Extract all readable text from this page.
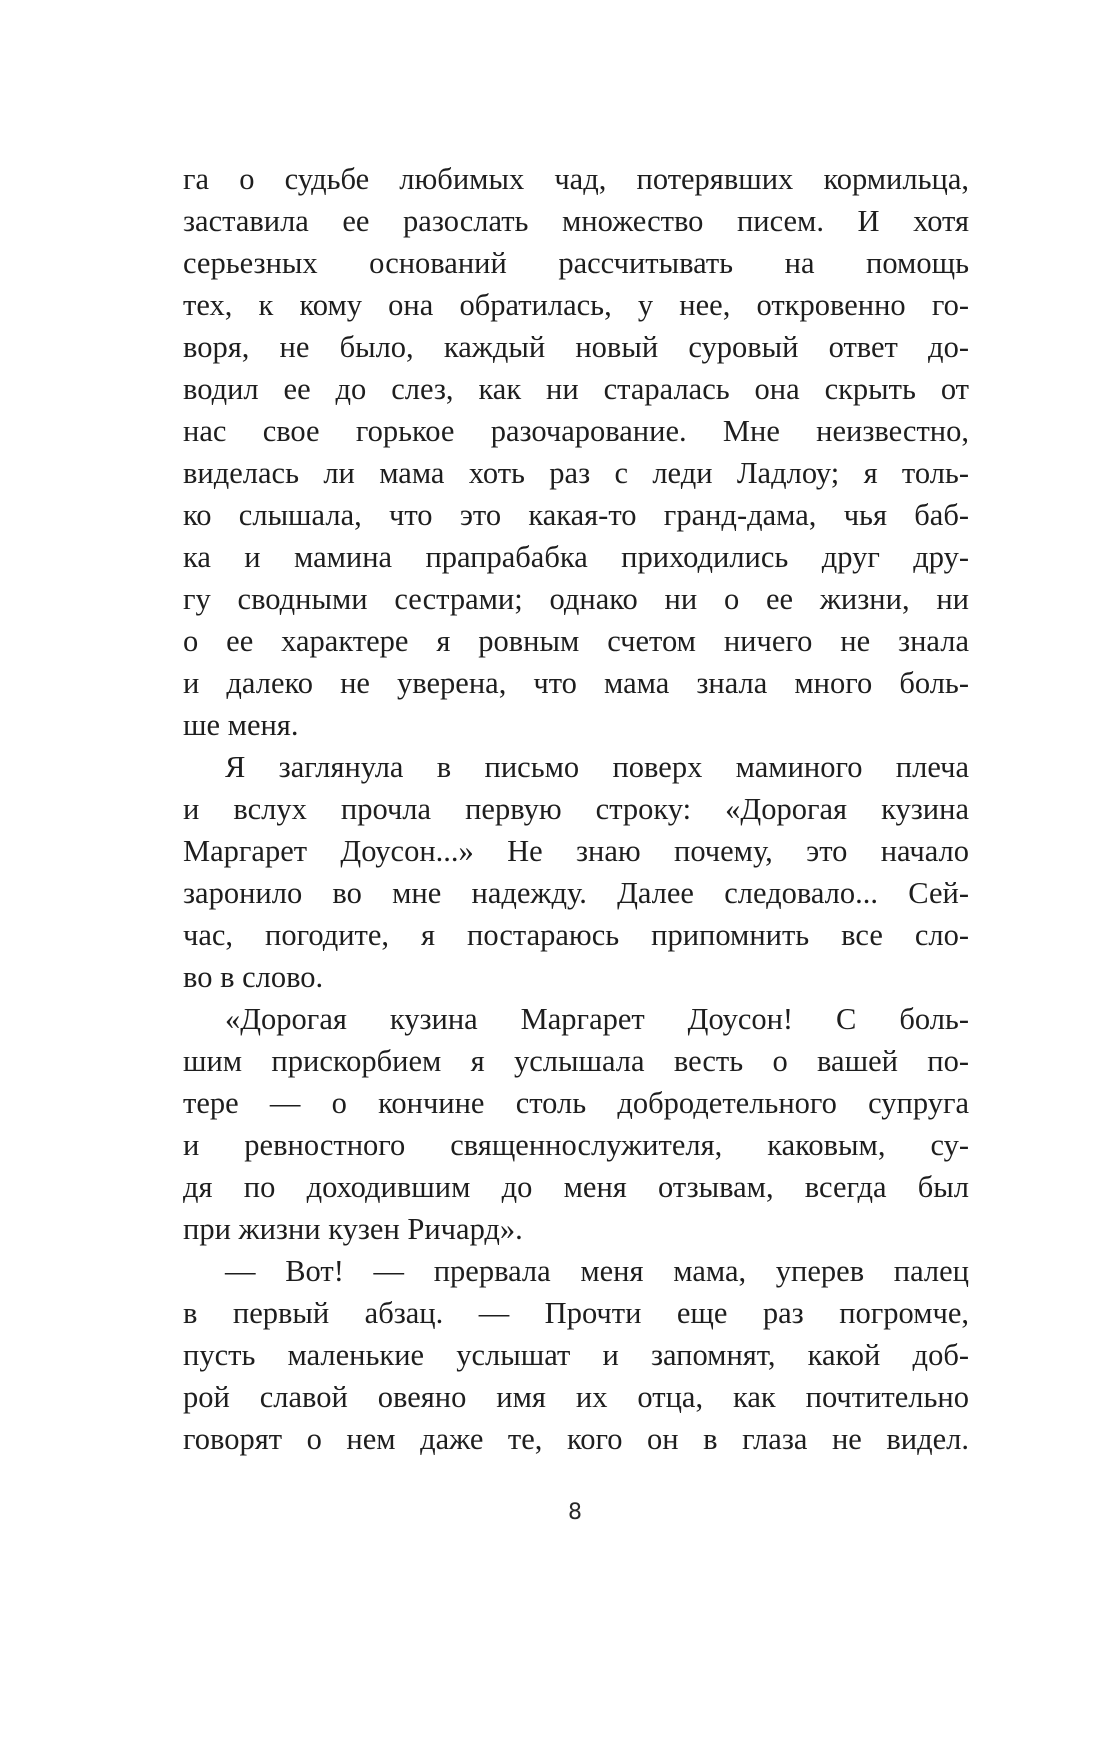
га о судьбе любимых чад, потерявших кормильца,
заставила ее разослать множество писем. И хотя
серьезных оснований рассчитывать на помощь
тех, к кому она обратилась, у нее, откровенно го-
воря, не было, каждый новый суровый ответ до-
водил ее до слез, как ни старалась она скрыть от
нас свое горькое разочарование. Мне неизвестно,
виделась ли мама хоть раз с леди Ладлоу; я толь-
ко слышала, что это какая-то гранд-дама, чья баб-
ка и мамина прапрабабка приходились друг дру-
гу сводными сестрами; однако ни о ее жизни, ни
о ее характере я ровным счетом ничего не знала
и далеко не уверена, что мама знала много боль-
ше меня.
Я заглянула в письмо поверх маминого плеча
и вслух прочла первую строку: «Дорогая кузина
Маргарет Доусон...» Не знаю почему, это начало
заронило во мне надежду. Далее следовало... Сей-
час, погодите, я постараюсь припомнить все сло-
во в слово.
«Дорогая кузина Маргарет Доусон! С боль-
шим прискорбием я услышала весть о вашей по-
тере — о кончине столь добродетельного супруга
и ревностного священнослужителя, каковым, су-
дя по доходившим до меня отзывам, всегда был
при жизни кузен Ричард».
— Вот! — прервала меня мама, уперев палец
в первый абзац. — Прочти еще раз погромче,
пусть маленькие услышат и запомнят, какой доб-
рой славой овеяно имя их отца, как почтительно
говорят о нем даже те, кого он в глаза не видел.
8
